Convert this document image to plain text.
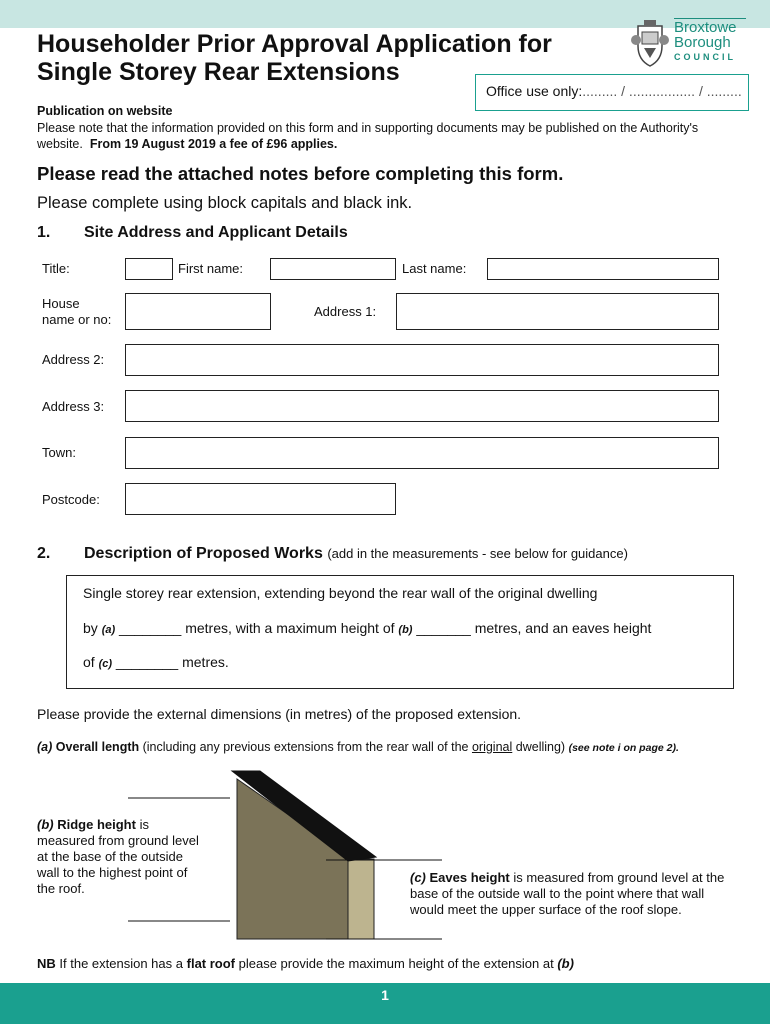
Householder Prior Approval Application for
Single Storey Rear Extensions
Broxtowe
Borough
COUNCIL
Office use only:......... / ................. / .........
Publication on website
Please note that the information provided on this form and in supporting documents may be published on the Authority's website. From 19 August 2019 a fee of £96 applies.
Please read the attached notes before completing this form.
Please complete using block capitals and black ink.
1. Site Address and Applicant Details
Title:	First name:	Last name:
House
name or no:
Address 1:
Address 2:
Address 3:
Town:
Postcode:
2. Description of Proposed Works (add in the measurements - see below for guidance)
Single storey rear extension, extending beyond the rear wall of the original dwelling
by (a) ________ metres, with a maximum height of (b) _______ metres, and an eaves height
of (c) ________ metres.
Please provide the external dimensions (in metres) of the proposed extension.
(a) Overall length (including any previous extensions from the rear wall of the original dwelling) (see note i on page 2).
(b) Ridge height is measured from ground level at the base of the outside wall to the highest point of the roof.
(c) Eaves height is measured from ground level at the base of the outside wall to the point where that wall would meet the upper surface of the roof slope.
NB If the extension has a flat roof please provide the maximum height of the extension at (b)
1
